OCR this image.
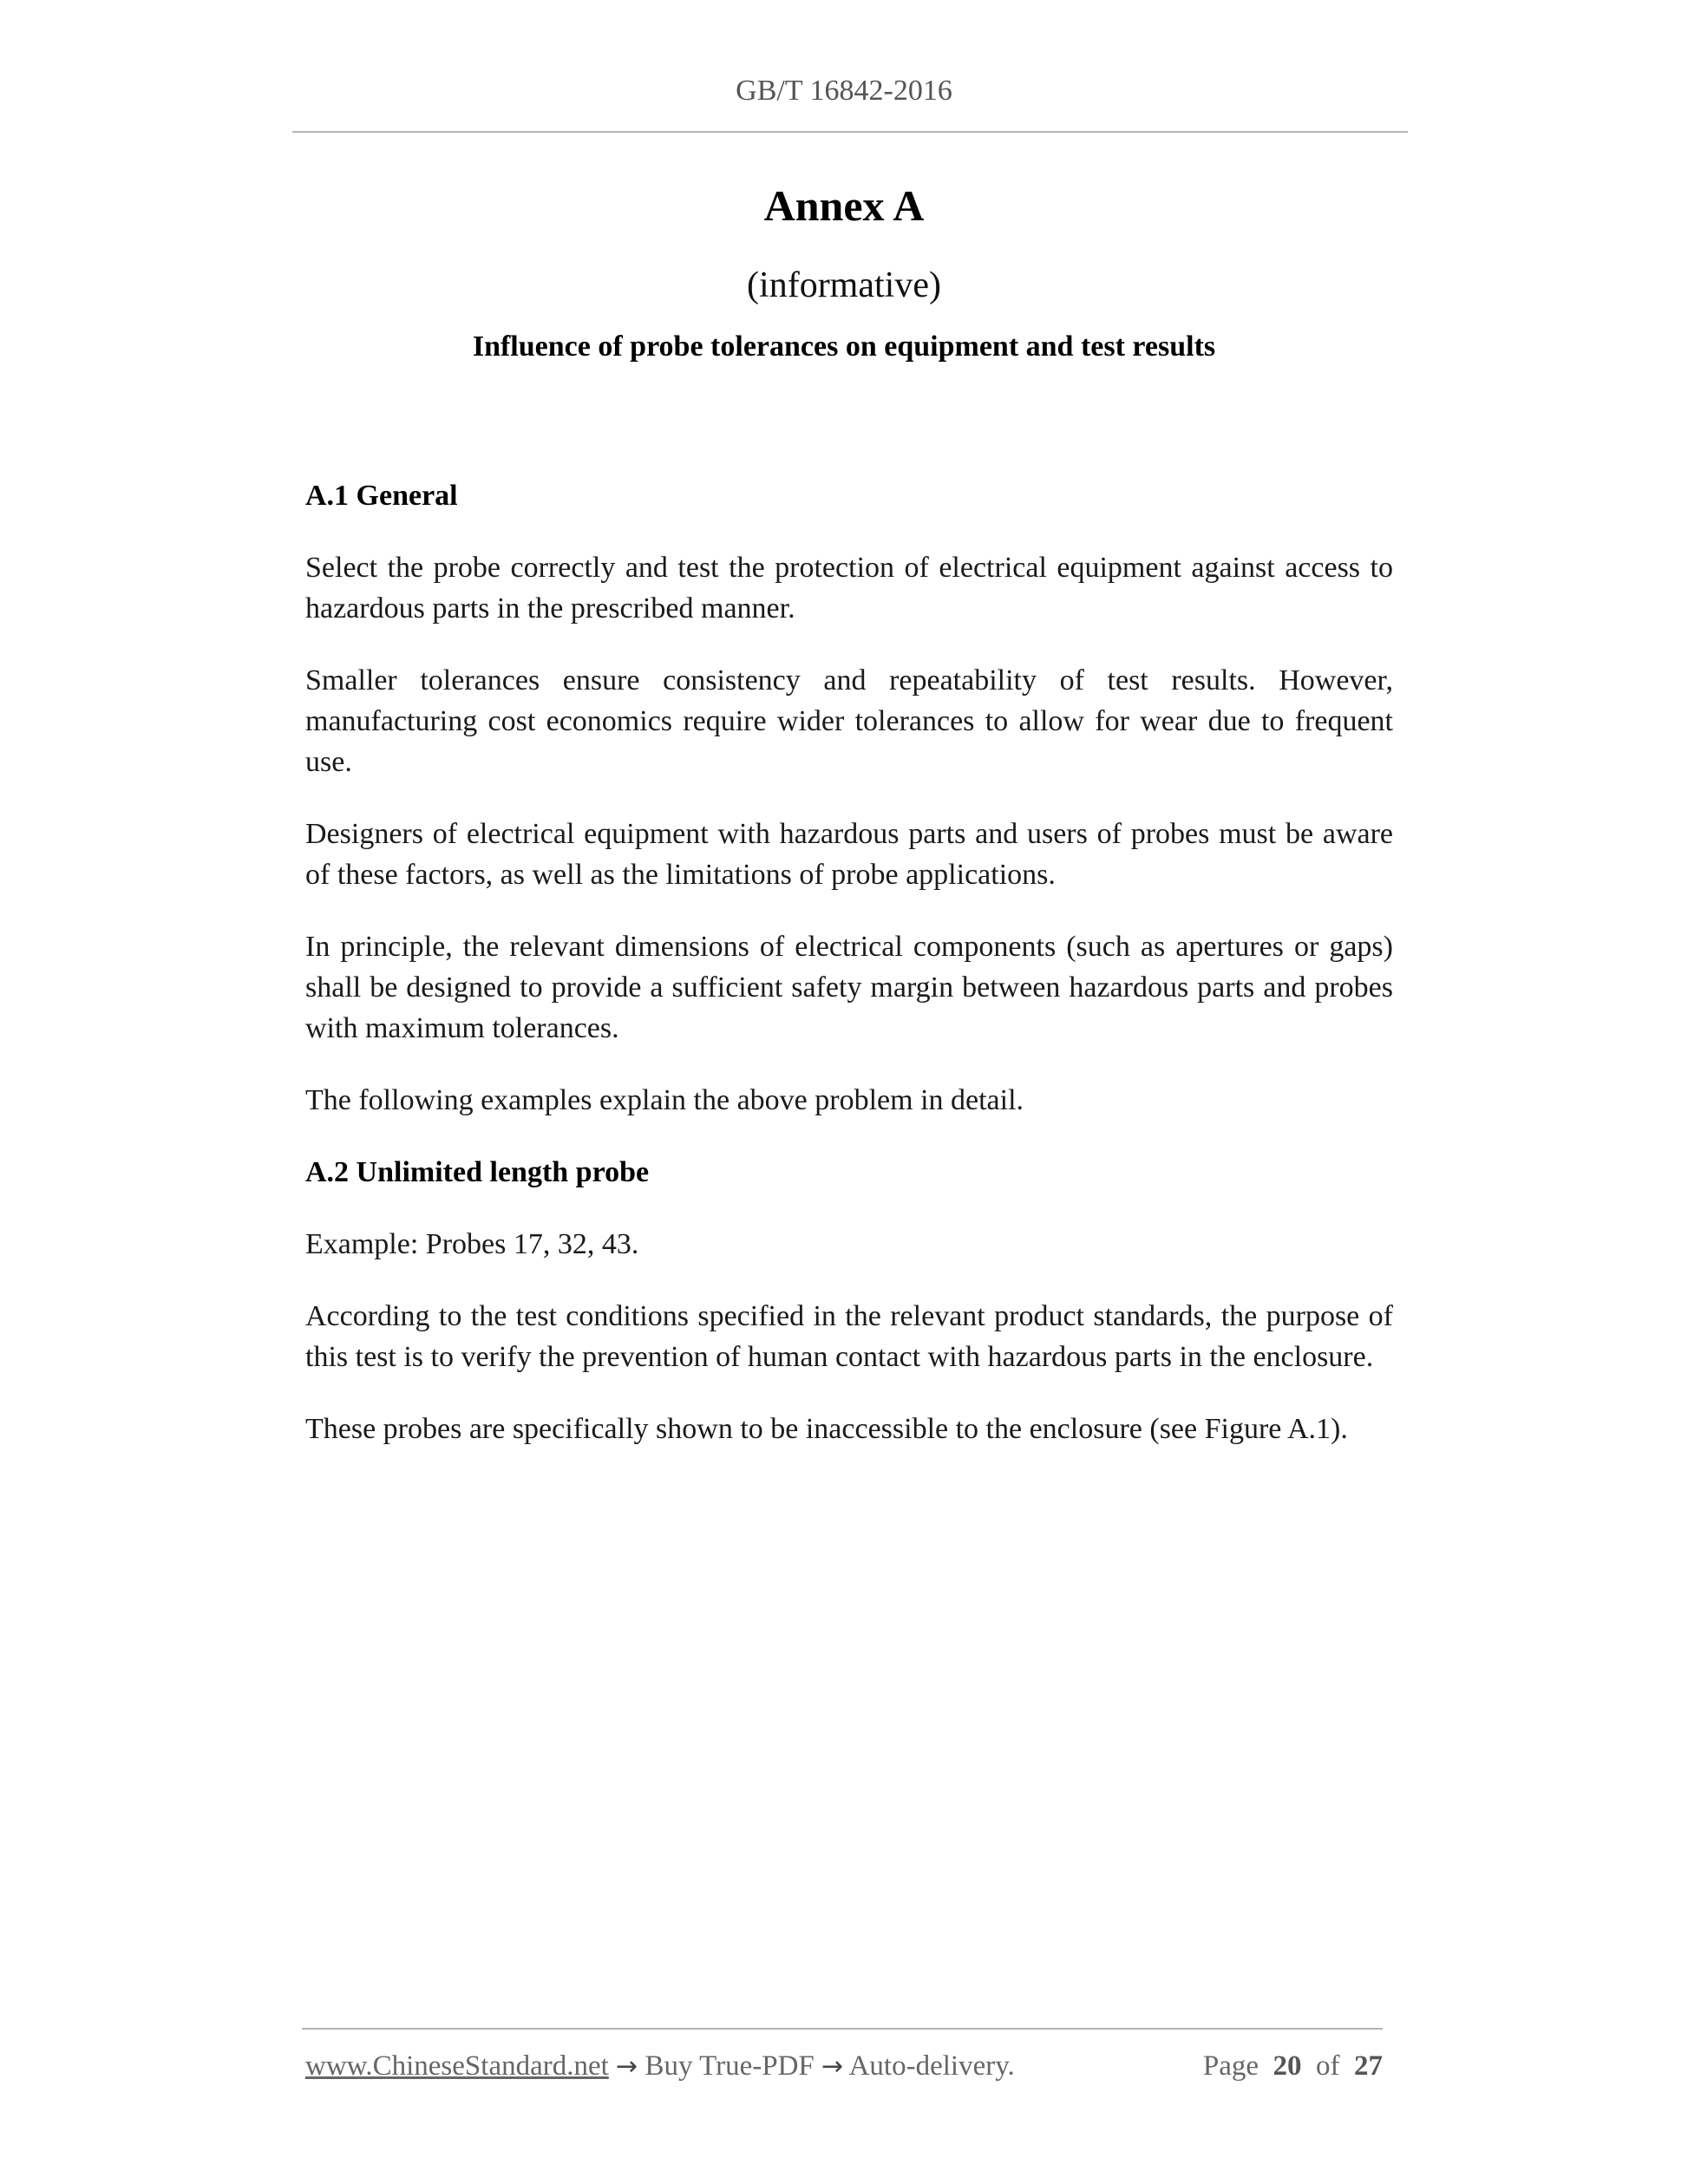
GB/T 16842-2016
Annex A
(informative)
Influence of probe tolerances on equipment and test results
A.1 General

Select the probe correctly and test the protection of electrical equipment against access to hazardous parts in the prescribed manner.

Smaller tolerances ensure consistency and repeatability of test results. However, manufacturing cost economics require wider tolerances to allow for wear due to frequent use.

Designers of electrical equipment with hazardous parts and users of probes must be aware of these factors, as well as the limitations of probe applications.

In principle, the relevant dimensions of electrical components (such as apertures or gaps) shall be designed to provide a sufficient safety margin between hazardous parts and probes with maximum tolerances.

The following examples explain the above problem in detail.

A.2 Unlimited length probe

Example: Probes 17, 32, 43.

According to the test conditions specified in the relevant product standards, the purpose of this test is to verify the prevention of human contact with hazardous parts in the enclosure.

These probes are specifically shown to be inaccessible to the enclosure (see Figure A.1).

www.ChineseStandard.net → Buy True-PDF → Auto-delivery.	Page 20 of 27
